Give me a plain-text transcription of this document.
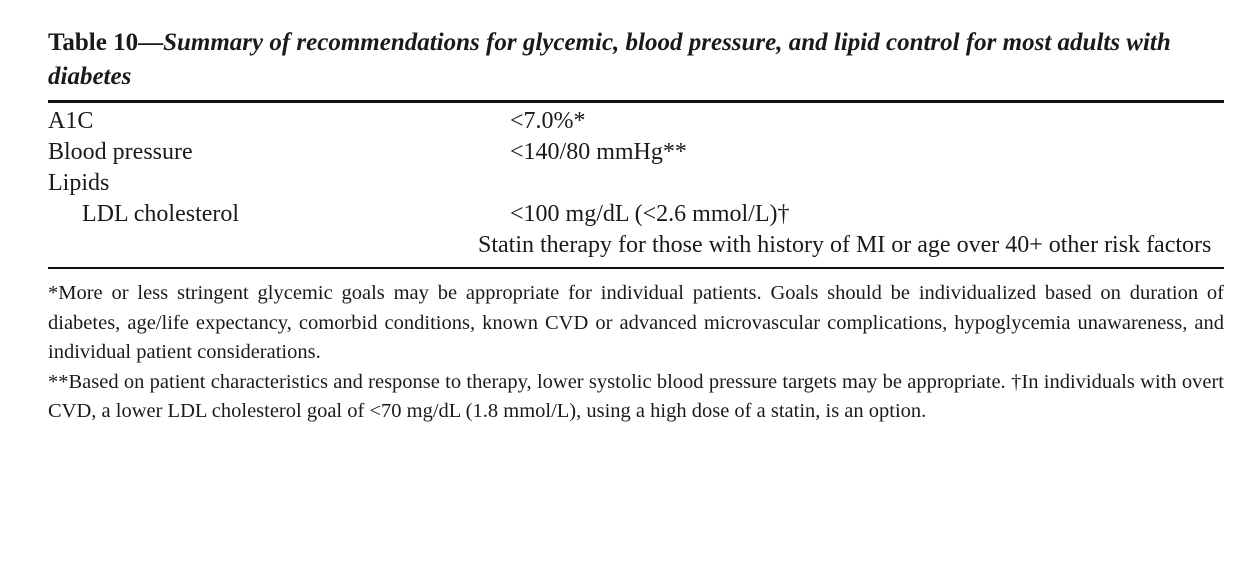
Table 10—Summary of recommendations for glycemic, blood pressure, and lipid control for most adults with diabetes

A1C	<7.0%*
Blood pressure	<140/80 mmHg**
Lipids	
LDL cholesterol	<100 mg/dL (<2.6 mmol/L)†
	Statin therapy for those with history of MI or age over 40+ other risk factors

*More or less stringent glycemic goals may be appropriate for individual patients. Goals should be individualized based on duration of diabetes, age/life expectancy, comorbid conditions, known CVD or advanced microvascular complications, hypoglycemia unawareness, and individual patient considerations.

**Based on patient characteristics and response to therapy, lower systolic blood pressure targets may be appropriate. †In individuals with overt CVD, a lower LDL cholesterol goal of <70 mg/dL (1.8 mmol/L), using a high dose of a statin, is an option.
